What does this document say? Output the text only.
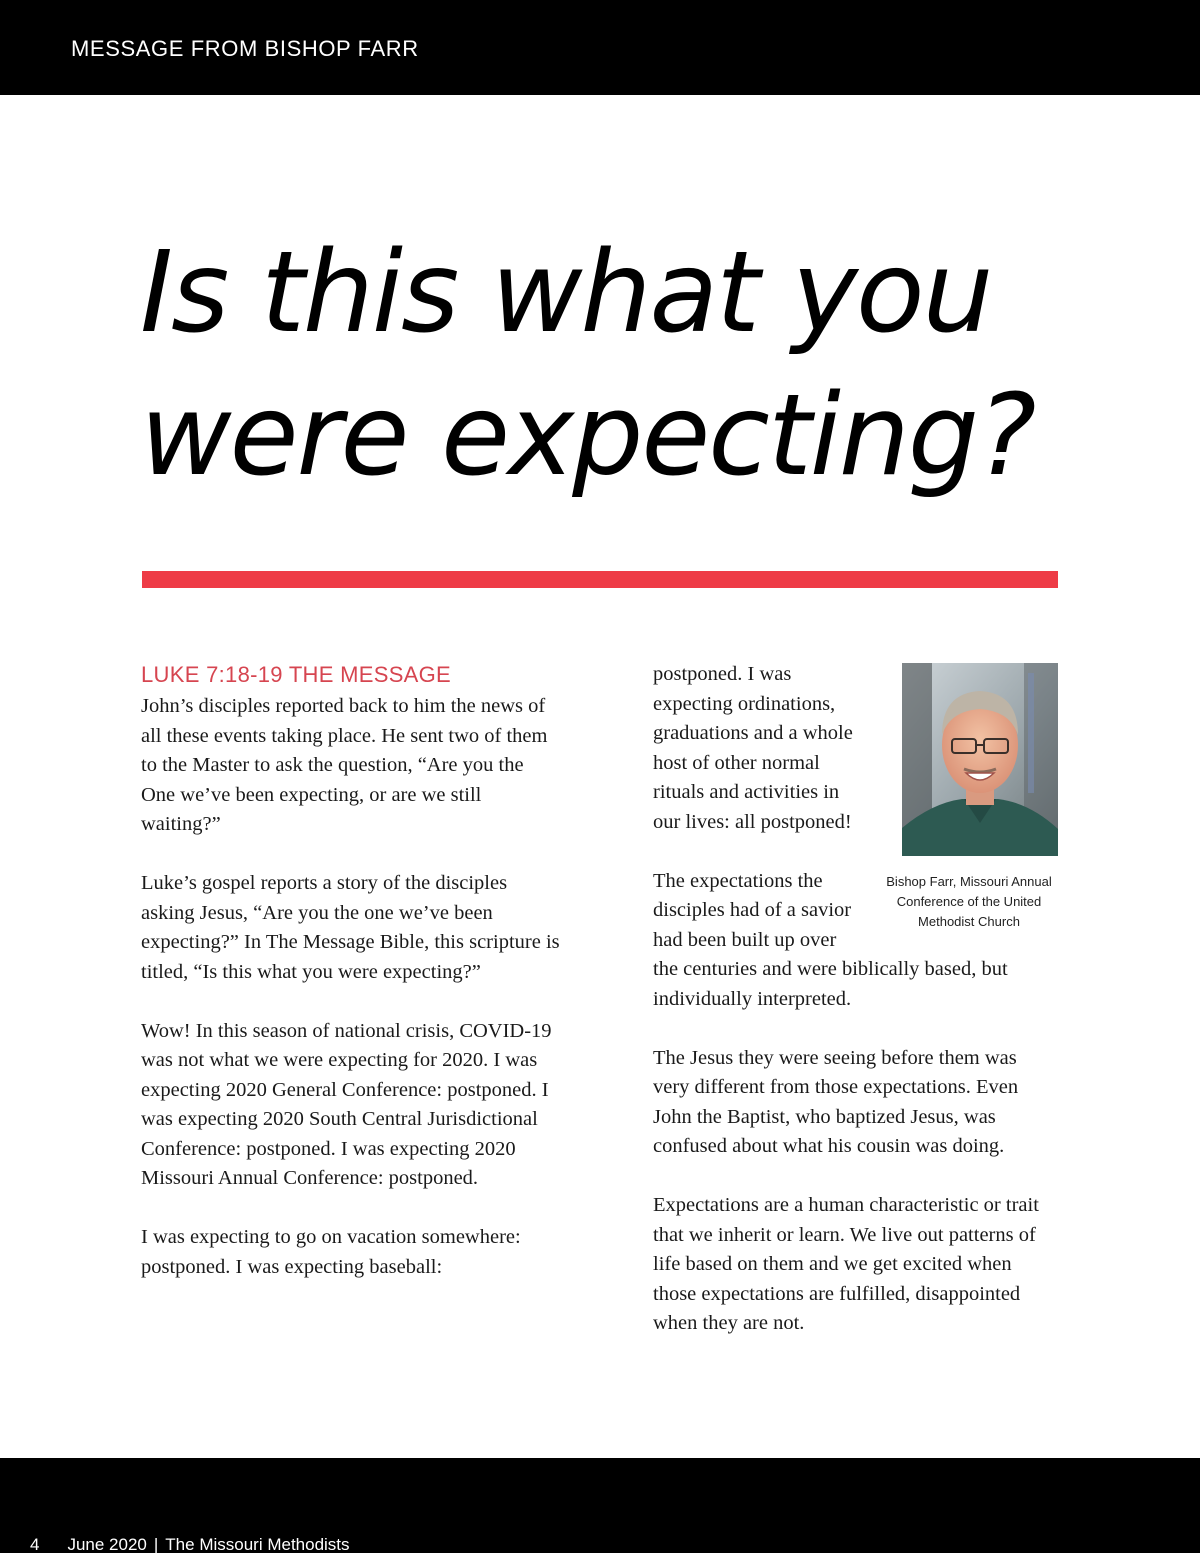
MESSAGE FROM BISHOP FARR
Is this what you
were expecting?

LUKE 7:18-19 THE MESSAGE

John’s disciples reported back to him the news of all these events taking place. He sent two of them to the Master to ask the question, “Are you the One we’ve been expecting, or are we still waiting?”

Luke’s gospel reports a story of the disciples asking Jesus, “Are you the one we’ve been expecting?” In The Message Bible, this scripture is titled, “Is this what you were expecting?”

Wow! In this season of national crisis, COVID-19 was not what we were expecting for 2020. I was expecting 2020 General Conference: postponed. I was expecting 2020 South Central Jurisdictional Conference: postponed. I was expecting 2020 Missouri Annual Conference: postponed.

I was expecting to go on vacation somewhere: postponed. I was expecting baseball:

Bishop Farr, Missouri Annual Conference of the United Methodist Church

postponed. I was expecting ordinations, graduations and a whole host of other normal rituals and activities in our lives: all postponed!

The expectations the disciples had of a savior had been built up over the centuries and were biblically based, but individually interpreted.

The Jesus they were seeing before them was very different from those expectations. Even John the Baptist, who baptized Jesus, was confused about what his cousin was doing.

Expectations are a human characteristic or trait that we inherit or learn. We live out patterns of life based on them and we get excited when those expectations are fulfilled, disappointed when they are not.

4 June 2020 | The Missouri Methodists
